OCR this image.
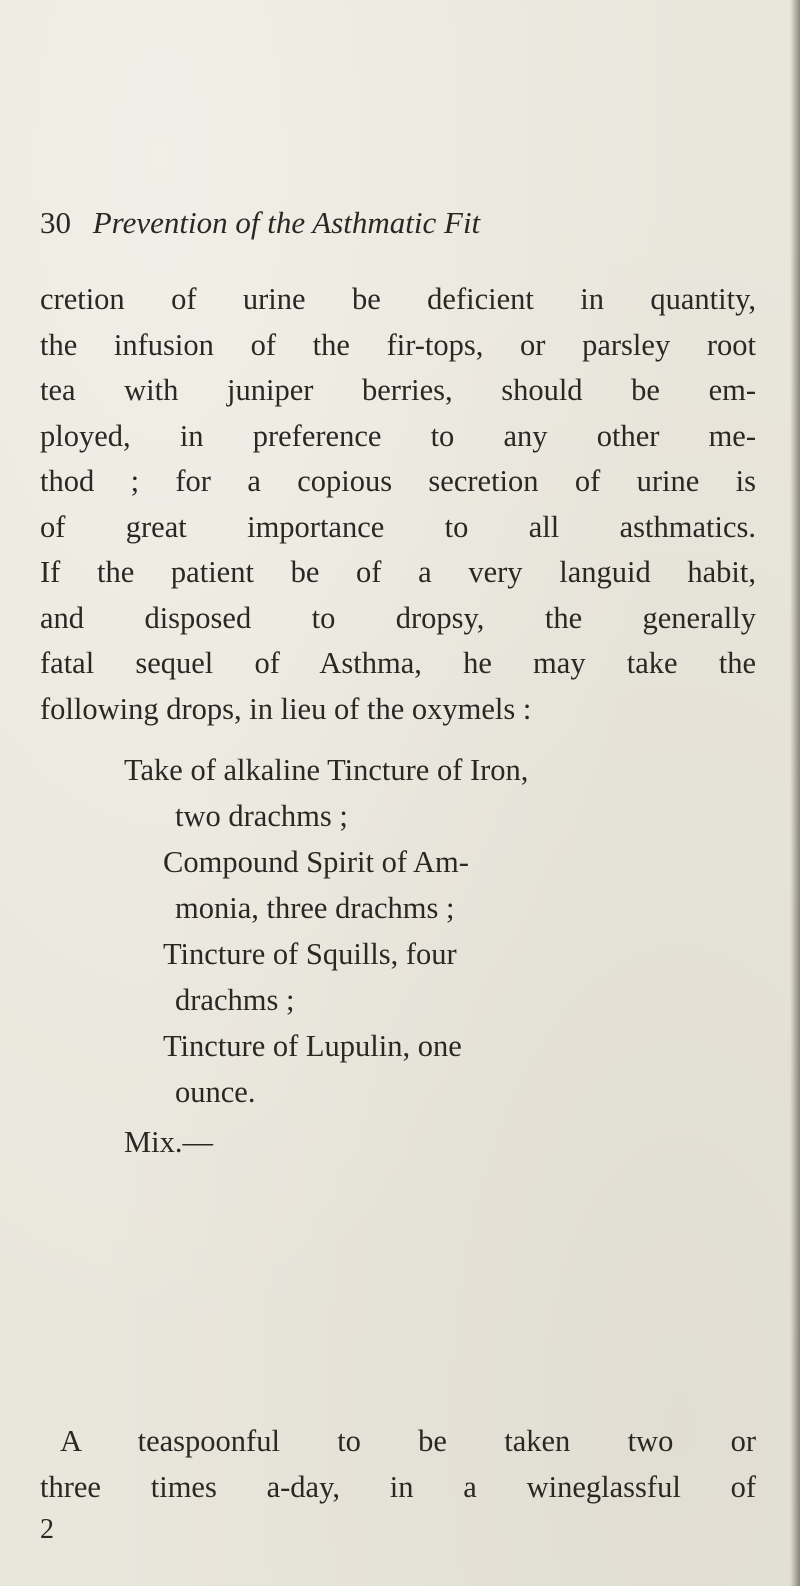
30 Prevention of the Asthmatic Fit
cretion of urine be deficient in quantity,
the infusion of the fir-tops, or parsley root
tea with juniper berries, should be em-
ployed, in preference to any other me-
thod ; for a copious secretion of urine is
of great importance to all asthmatics.
If the patient be of a very languid habit,
and disposed to dropsy, the generally
fatal sequel of Asthma, he may take the
following drops, in lieu of the oxymels :
Take of alkaline Tincture of Iron,
two drachms ;
Compound Spirit of Am-
monia, three drachms ;
Tincture of Squills, four
drachms ;
Tincture of Lupulin, one
ounce.
Mix.—
A teaspoonful to be taken two or
three times a-day, in a wineglassful of
2
